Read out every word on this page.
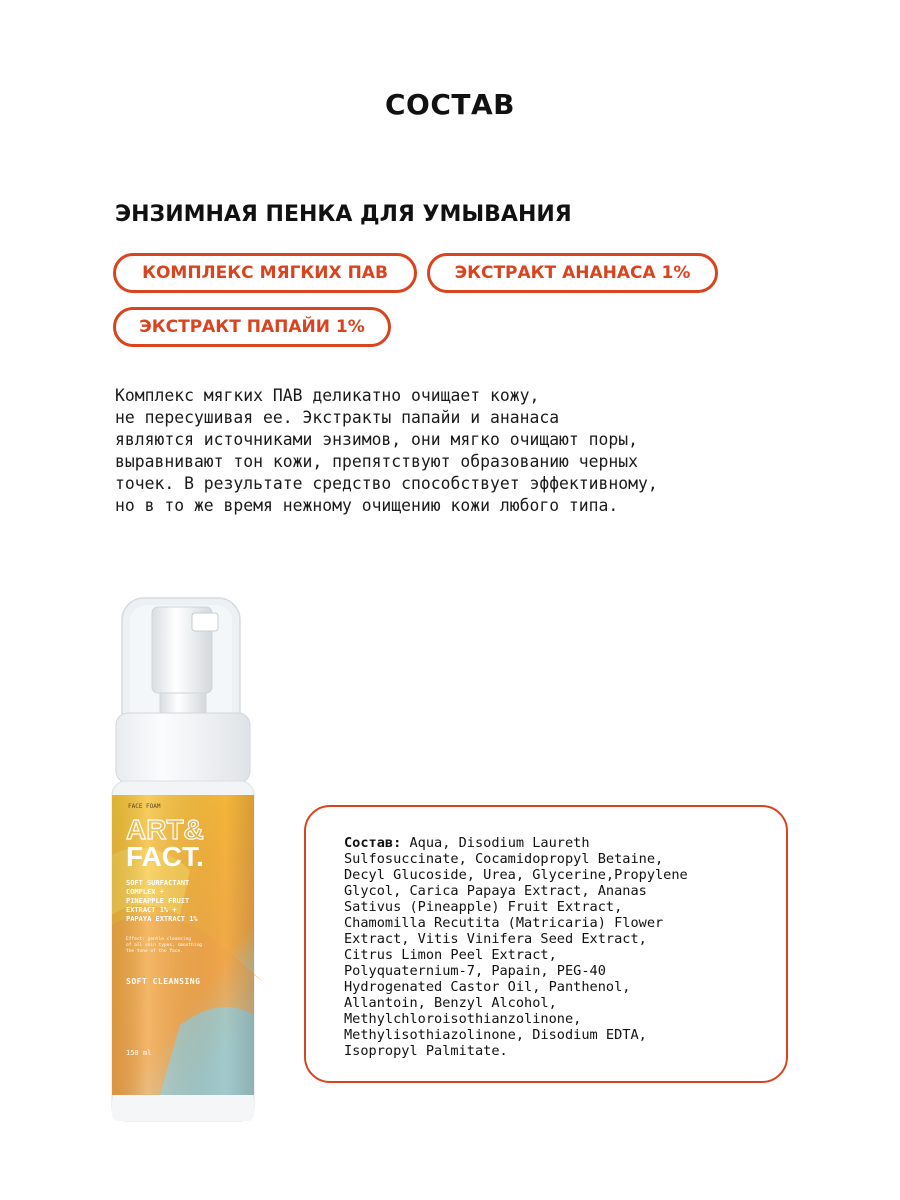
СОСТАВ
ЭНЗИМНАЯ ПЕНКА ДЛЯ УМЫВАНИЯ
КОМПЛЕКС МЯГКИХ ПАВ	ЭКСТРАКТ АНАНАСА 1%
ЭКСТРАКТ ПАПАЙИ 1%
Комплекс мягких ПАВ деликатно очищает кожу,
не пересушивая ее. Экстракты папайи и ананаса
являются источниками энзимов, они мягко очищают поры,
выравнивают тон кожи, препятствуют образованию черных
точек. В результате средство способствует эффективному,
но в то же время нежному очищению кожи любого типа.
FACE FOAM
ART&
FACT.
SOFT SURFACTANT
COMPLEX +
PINEAPPLE FRUIT
EXTRACT 1% +
PAPAYA EXTRACT 1%
Effect: gentle cleansing
of all skin types, smoothing
the tone of the face.
SOFT CLEANSING
150 ml
Состав: Aqua, Disodium Laureth
Sulfosuccinate, Cocamidopropyl Betaine,
Decyl Glucoside, Urea, Glycerine,Propylene
Glycol, Carica Papaya Extract, Ananas
Sativus (Pineapple) Fruit Extract,
Chamomilla Recutita (Matricaria) Flower
Extract, Vitis Vinifera Seed Extract,
Citrus Limon Peel Extract,
Polyquaternium-7, Papain, PEG-40
Hydrogenated Castor Oil, Panthenol,
Allantoin, Benzyl Alcohol,
Methylchloroisothianzolinone,
Methylisothiazolinone, Disodium EDTA,
Isopropyl Palmitate.
